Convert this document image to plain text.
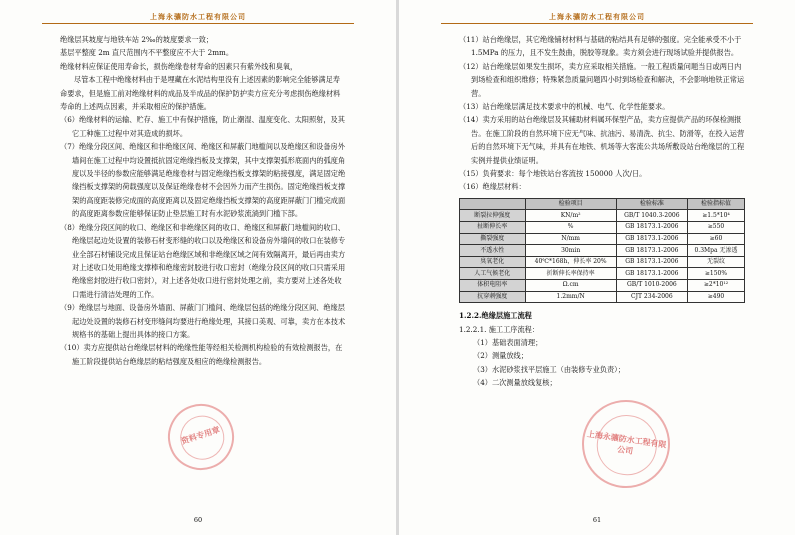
上海永骧防水工程有限公司

绝缘层其坡度与地铁车站 2‰的坡度要求一致；

基层平整度 2m 直尺范围内不平整度应不大于 2mm。

绝缘材料应保证使用寿命长，损伤绝缘卷材寿命的因素只有紫外线和臭氧，

尽管本工程中绝缘材料由于是埋藏在水泥结构里没有上述因素的影响完全能够满足寿命要求，但是施工前对绝缘材料的成品及半成品的保护防护卖方应充分考虑损伤绝缘材料寿命的上述两点因素，并采取相应的保护措施。

（6）绝缘材料的运输、贮存、施工中有保护措施，防止潮湿、温度变化、太阳照射，及其它工种施工过程中对其造成的损坏。

（7）绝缘分段区间、绝缘区和非绝缘区间、绝缘区和屏蔽门地槛间以及绝缘区和设备房外墙间在施工过程中均设置抵抗固定绝缘挡板及支撑架，其中支撑架弧形底面内的弧度角度以及半径的参数应能够满足绝缘卷材与固定绝缘挡板支撑架的粘接强度，满足固定绝缘挡板支撑架的荷载强度以及保证绝缘卷材不会因外力而产生损伤。固定绝缘挡板支撑架的高度距装修完成面的高度距离以及固定绝缘挡板支撑架的高度距屏蔽门门槛完成面的高度距离参数应能够保证防止垫层施工时有水泥砂浆流淌到门槛下部。

（8）绝缘分段区间的收口、绝缘区和非绝缘区间的收口、绝缘区和屏蔽门地槛间的收口、绝缘层起边处设置的装修石材变形缝的收口以及绝缘区和设备房外墙间的收口在装修专业全部石材铺设完成且保证站台绝缘区域和非绝缘区域之间有效隔离开，最后再由卖方对上述收口处用绝缘支撑棒和绝缘密封胶进行收口密封（绝缘分段区间的收口只需采用绝缘密封胶进行收口密封），对上述各处收口进行密封处理之前，卖方要对上述各处收口需进行清洁处理的工作。

（9）绝缘层与地面、设备房外墙面、屏蔽门门槛间、绝缘层包括的绝缘分段区间、绝缘层起边处设置的装修石材变形缝间均要进行绝缘处理，其接口美观、可靠，卖方在本技术规格书的基础上提出具体的接口方案。

（10）卖方应提供站台绝缘层材料的绝缘性能等经相关检测机构检验的有效检测报告，在施工阶段提供站台绝缘层的粘结强度及相应的绝缘检测报告。

资料专用章
60
上海永骧防水工程有限公司

（11）站台绝缘层，其它绝缘铺材材料与基础的粘结具有足够的强度。完全能承受不小于 1.5MPa 的压力，且不发生鼓曲，脱胶等现象。卖方须会进行现场试验并提供报告。

（12）站台绝缘层如果发生损坏，卖方应采取相关措施。一般工程质量问题当日或两日内到场检查和组织维修；特殊紧急质量问题四小时到场检查和解决，不会影响地铁正常运营。

（13）站台绝缘层满足技术要求中的机械、电气、化学性能要求。

（14）卖方采用的站台绝缘层及其辅助材料属环保型产品，卖方应提供产品的环保检测报告。在施工阶段的自然环境下应无气味、抗油污、易清洗、抗尘、防滑等，在投入运营后的自然环境下无气味，并具有在地铁、机场等大客流公共场所敷设站台绝缘层的工程实例并提供业绩证明。

（15）负荷要求：每个地铁站台客流按 150000 人次/日。

（16）绝缘层材料：

	检验项目	检验标准	检验指标值
断裂拉伸强度	KN/m²	GB/T 1040.3-2006	≥1.5*10⁴
扯断伸长率	%	GB 18173.1-2006	≥550
撕裂强度	N/mm	GB 18173.1-2006	≥60
不透水性	30min	GB 18173.1-2006	0.3Mpa 无渗透
臭氧老化	40℃*168h，伸长率 20%	GB 18173.1-2006	无裂纹
人工气候老化	折断伸长率保持率	GB 18173.1-2006	≥150%
体积电阻率	Ω.cm	GB/T 1010-2006	≥2*10¹²
抗穿刺强度	1.2mm/N	CJT 234-2006	≥490

1.2.2.绝缘层施工流程

1.2.2.1. 施工工序流程：

（1）基础表面清理；

（2）测量放线；

（3）水泥砂浆找平层施工（由装修专业负责）；

（4）二次测量放线复核；

上海永骧防水工程有限公司
61
